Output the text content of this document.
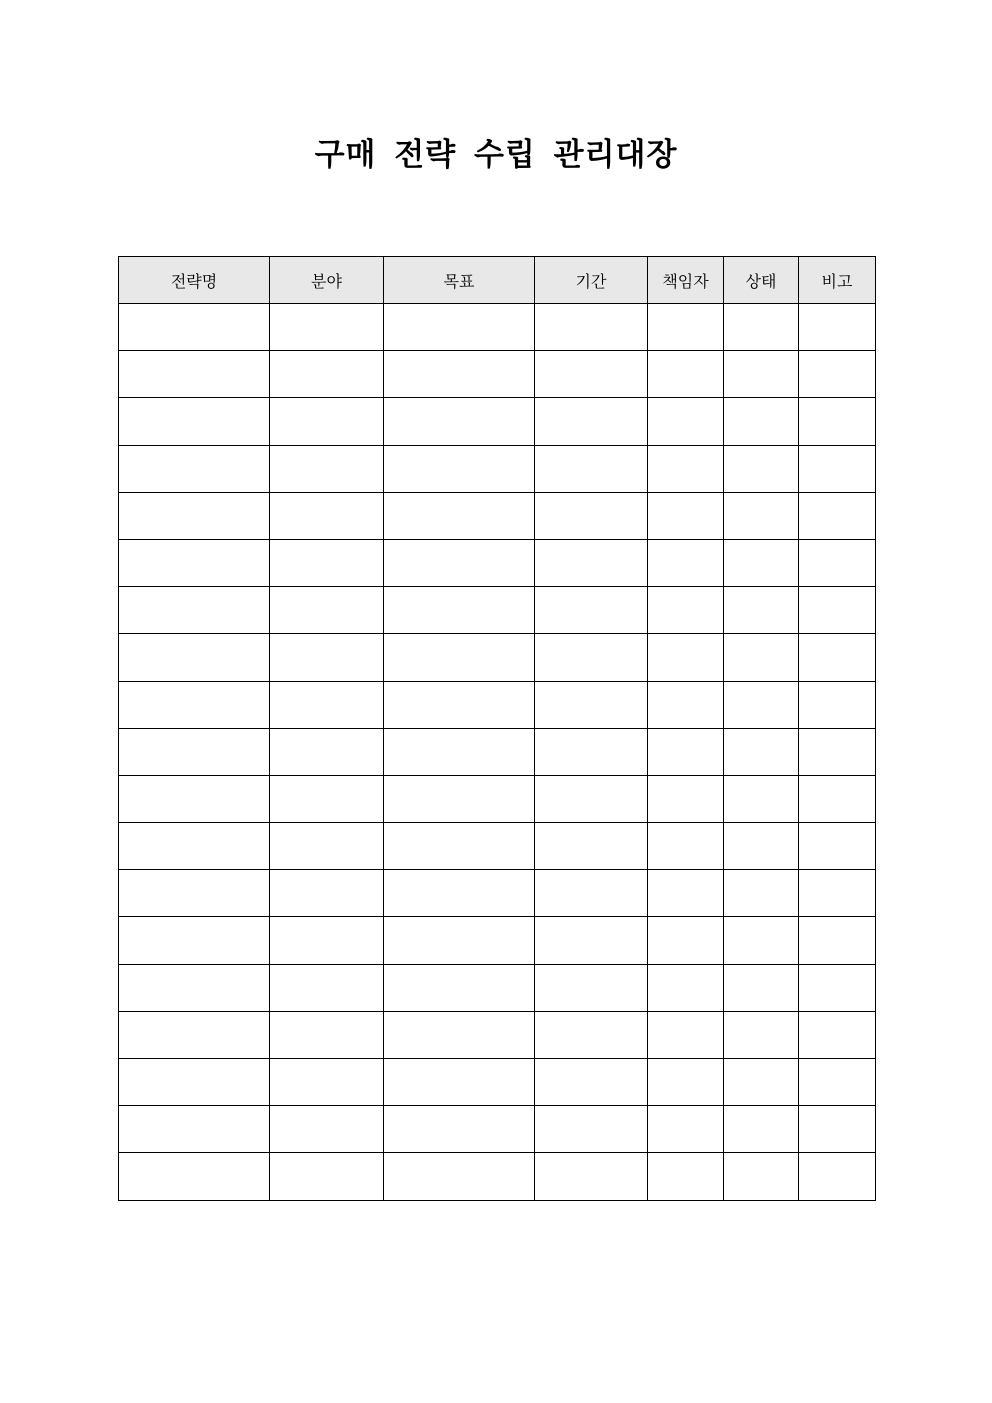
구매 전략 수립 관리대장
전략명	분야	목표	기간	책임자	상태	비고
